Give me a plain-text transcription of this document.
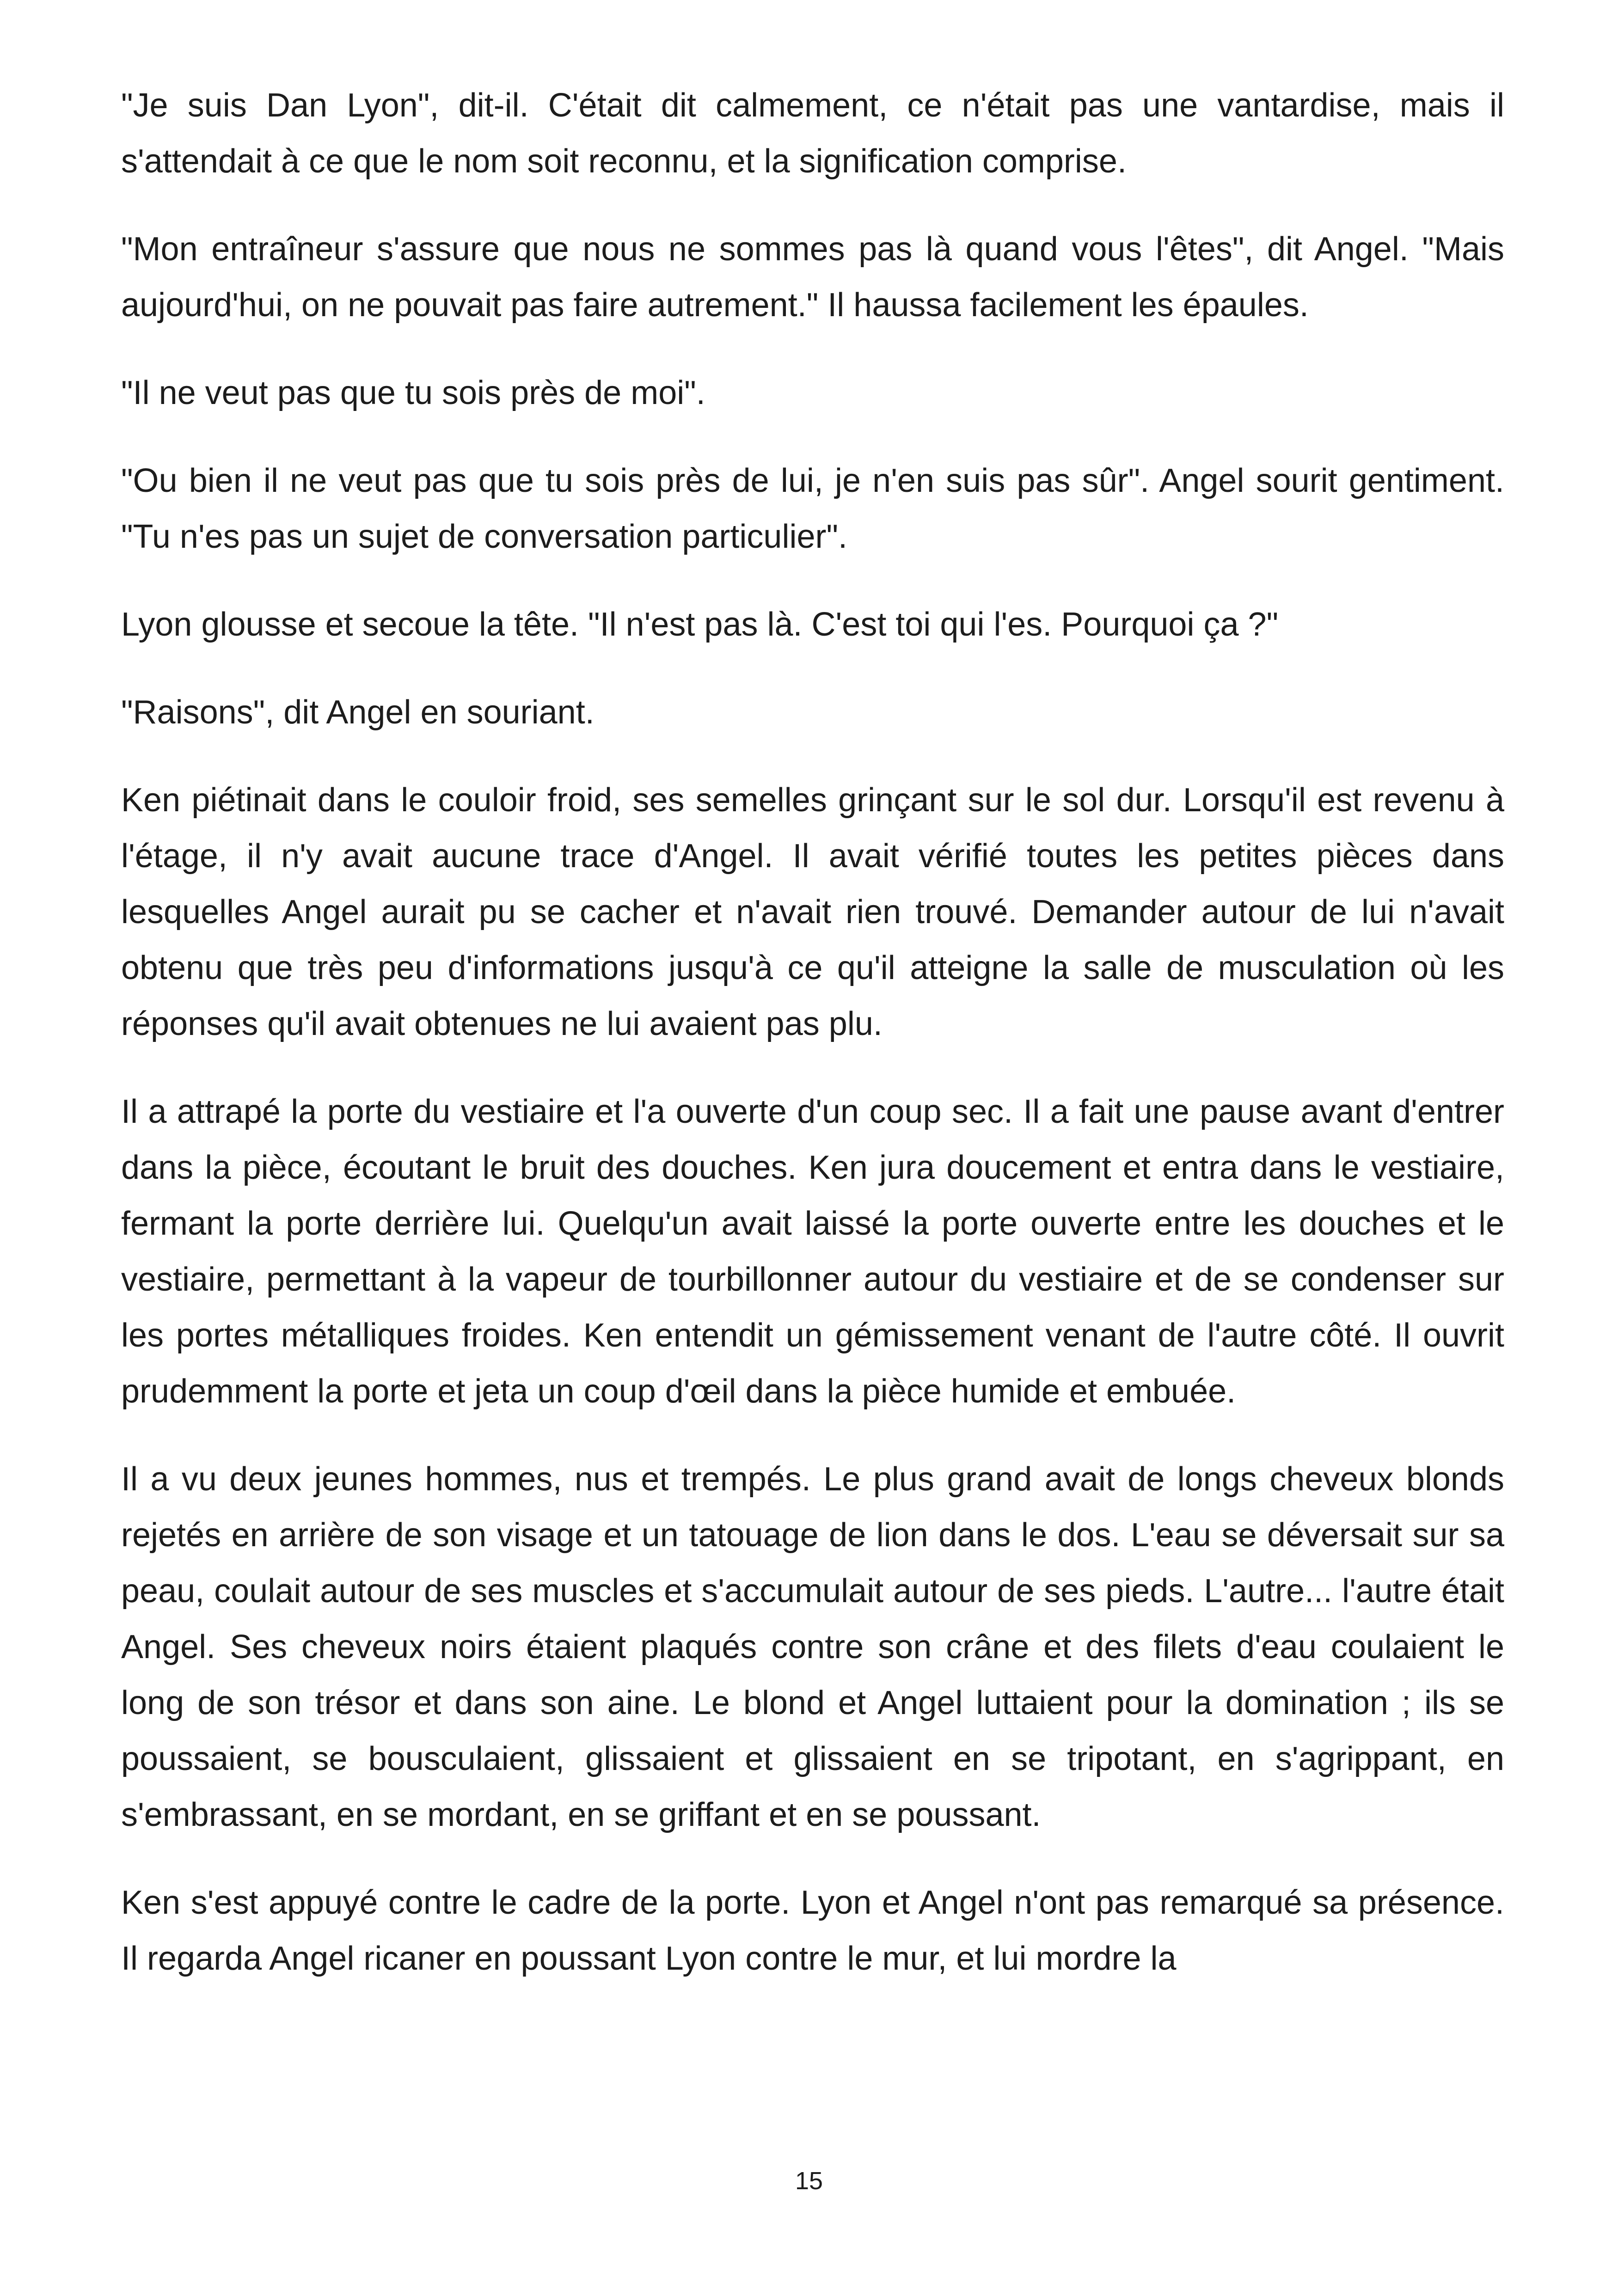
"Je suis Dan Lyon", dit-il. C'était dit calmement, ce n'était pas une vantardise, mais il s'attendait à ce que le nom soit reconnu, et la signification comprise.

"Mon entraîneur s'assure que nous ne sommes pas là quand vous l'êtes", dit Angel. "Mais aujourd'hui, on ne pouvait pas faire autrement." Il haussa facilement les épaules.

"Il ne veut pas que tu sois près de moi".

"Ou bien il ne veut pas que tu sois près de lui, je n'en suis pas sûr". Angel sourit gentiment. "Tu n'es pas un sujet de conversation particulier".

Lyon glousse et secoue la tête. "Il n'est pas là. C'est toi qui l'es. Pourquoi ça ?"

"Raisons", dit Angel en souriant.

Ken piétinait dans le couloir froid, ses semelles grinçant sur le sol dur. Lorsqu'il est revenu à l'étage, il n'y avait aucune trace d'Angel. Il avait vérifié toutes les petites pièces dans lesquelles Angel aurait pu se cacher et n'avait rien trouvé. Demander autour de lui n'avait obtenu que très peu d'informations jusqu'à ce qu'il atteigne la salle de musculation où les réponses qu'il avait obtenues ne lui avaient pas plu.

Il a attrapé la porte du vestiaire et l'a ouverte d'un coup sec. Il a fait une pause avant d'entrer dans la pièce, écoutant le bruit des douches. Ken jura doucement et entra dans le vestiaire, fermant la porte derrière lui. Quelqu'un avait laissé la porte ouverte entre les douches et le vestiaire, permettant à la vapeur de tourbillonner autour du vestiaire et de se condenser sur les portes métalliques froides. Ken entendit un gémissement venant de l'autre côté. Il ouvrit prudemment la porte et jeta un coup d'œil dans la pièce humide et embuée.

Il a vu deux jeunes hommes, nus et trempés. Le plus grand avait de longs cheveux blonds rejetés en arrière de son visage et un tatouage de lion dans le dos. L'eau se déversait sur sa peau, coulait autour de ses muscles et s'accumulait autour de ses pieds. L'autre... l'autre était Angel. Ses cheveux noirs étaient plaqués contre son crâne et des filets d'eau coulaient le long de son trésor et dans son aine. Le blond et Angel luttaient pour la domination ; ils se poussaient, se bousculaient, glissaient et glissaient en se tripotant, en s'agrippant, en s'embrassant, en se mordant, en se griffant et en se poussant.

Ken s'est appuyé contre le cadre de la porte. Lyon et Angel n'ont pas remarqué sa présence. Il regarda Angel ricaner en poussant Lyon contre le mur, et lui mordre la

15
